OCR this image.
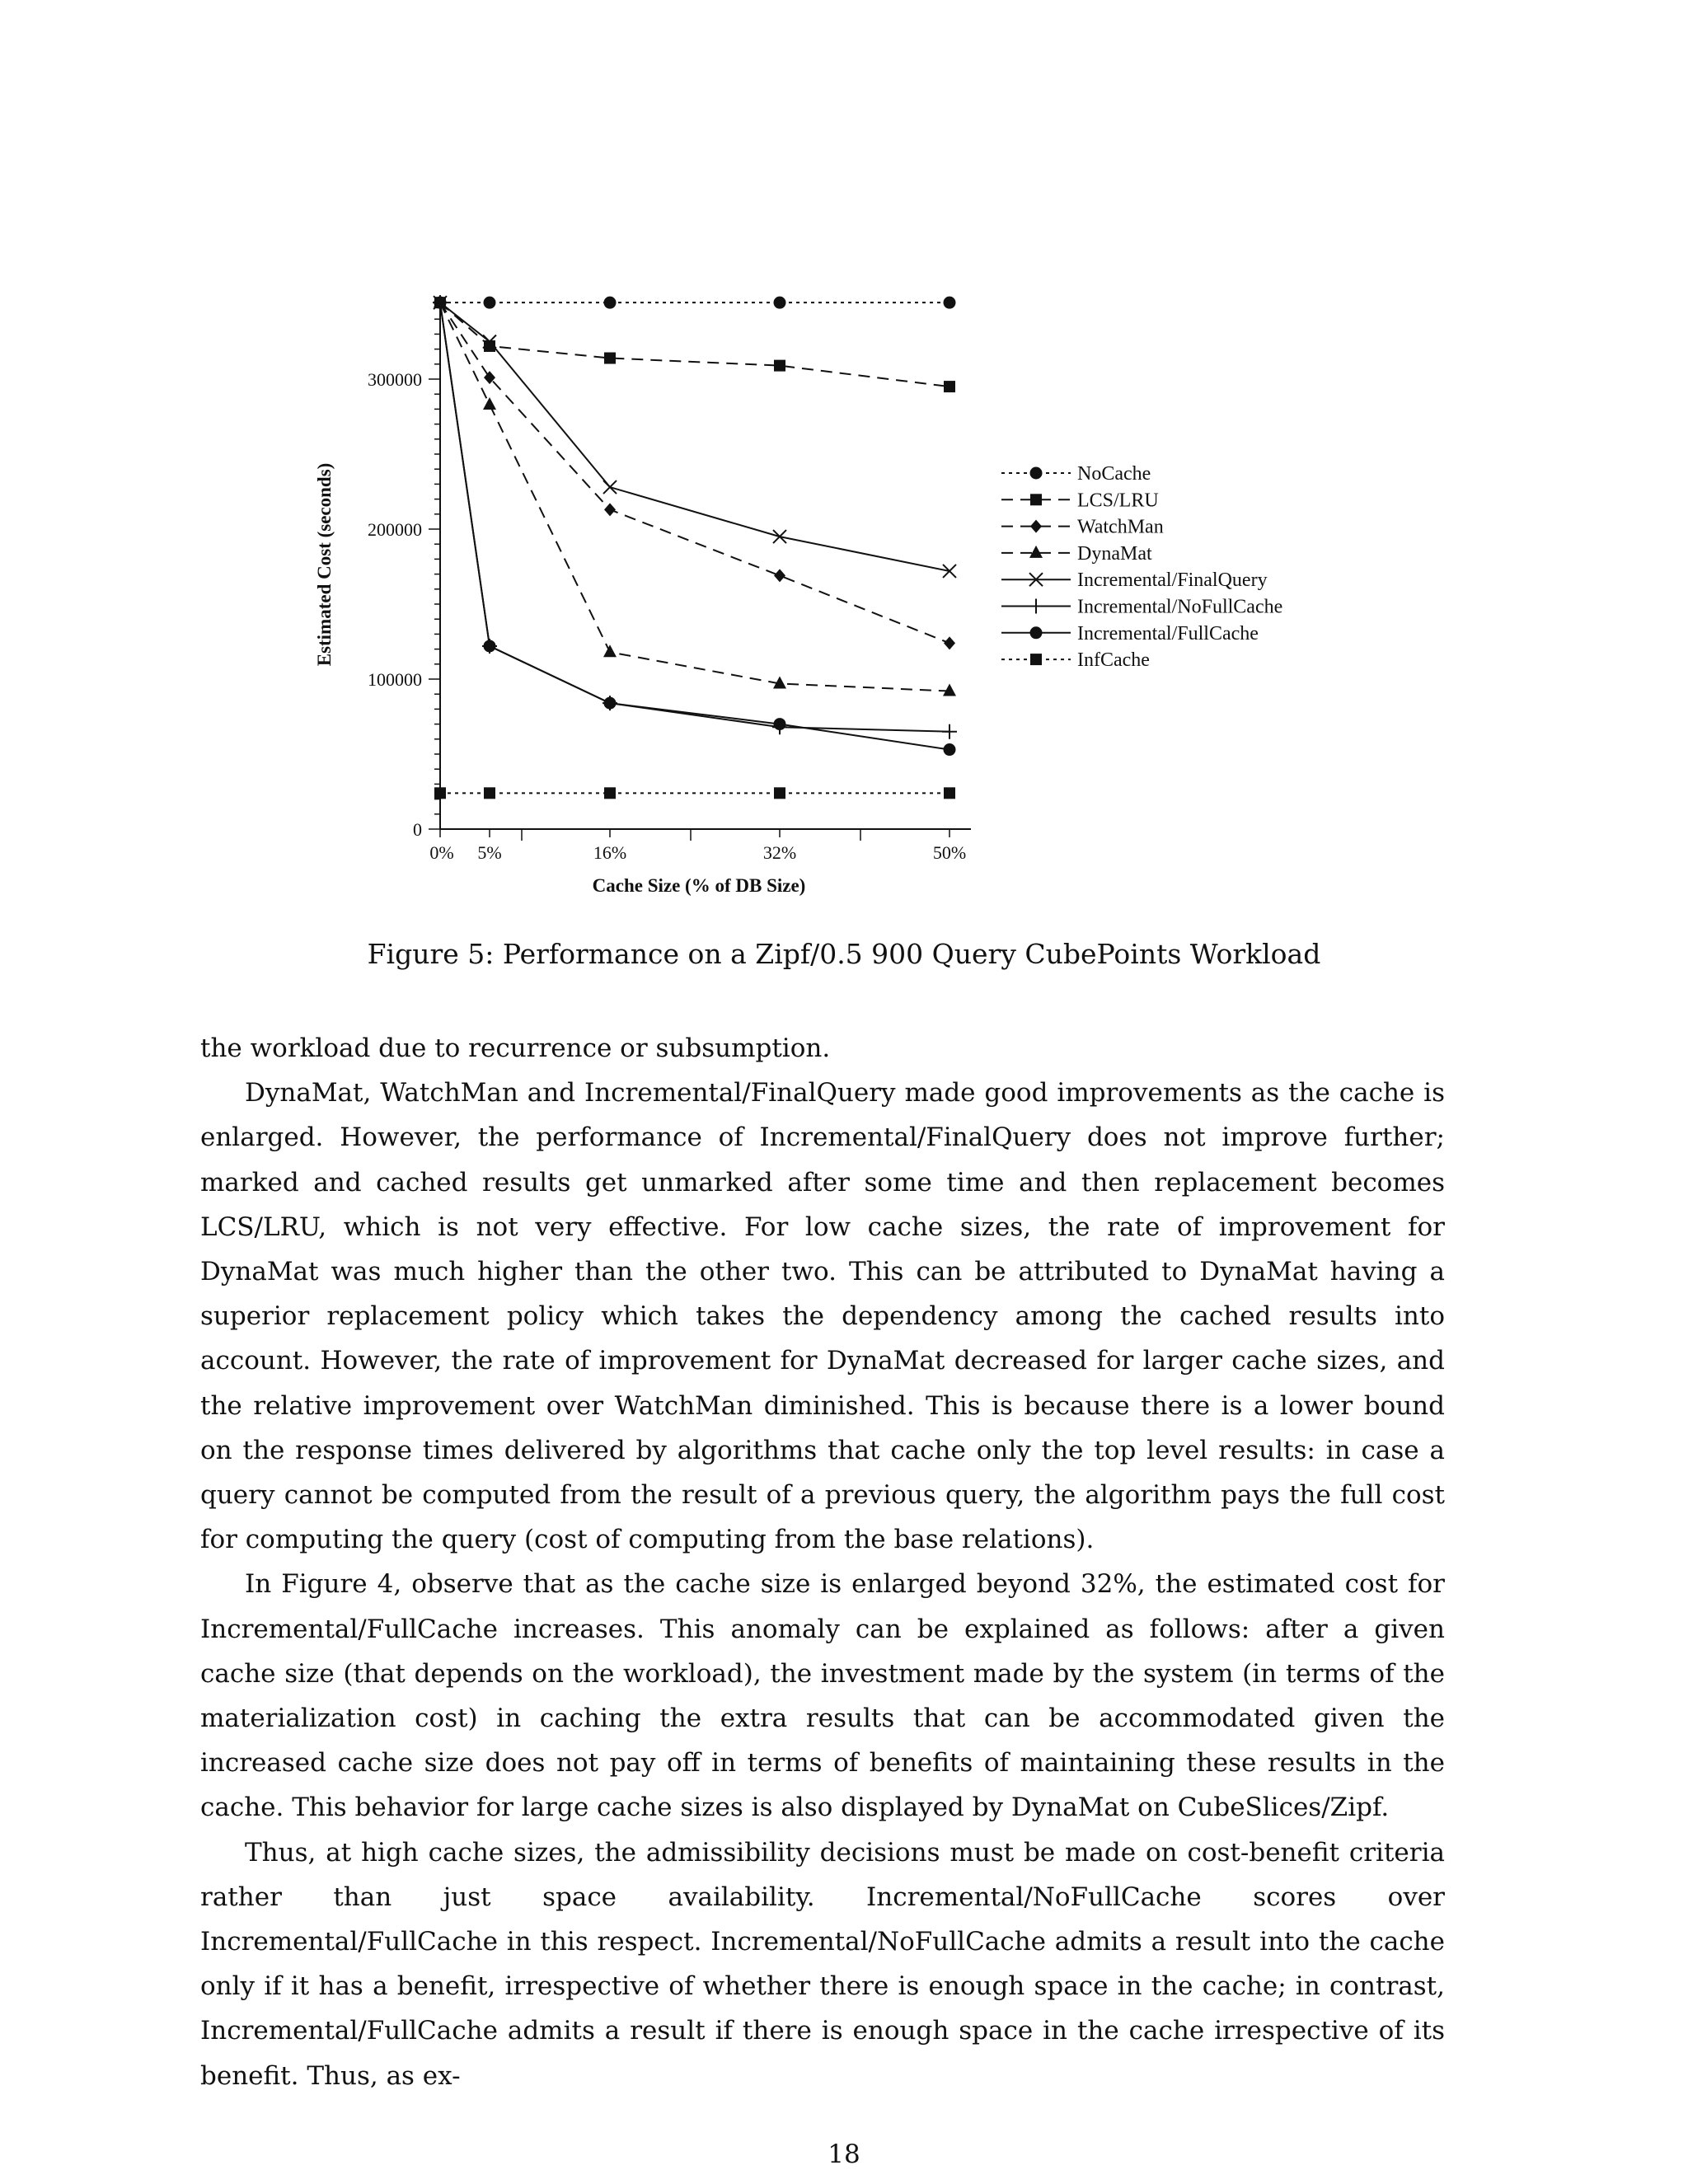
0
100000
200000
300000
0% 5%	16%	32%	50%
NoCache
LCS/LRU
WatchMan
DynaMat
Incremental/FinalQuery
Incremental/NoFullCache
Incremental/FullCache
InfCache
Estimated Cost (seconds)
Cache Size (% of DB Size)
Figure 5: Performance on a Zipf/0.5 900 Query CubePoints Workload

the workload due to recurrence or subsumption.

DynaMat, WatchMan and Incremental/FinalQuery made good improvements as the cache is enlarged. However, the performance of Incremental/FinalQuery does not improve further; marked and cached results get unmarked after some time and then replacement becomes LCS/LRU, which is not very effective. For low cache sizes, the rate of improvement for DynaMat was much higher than the other two. This can be attributed to DynaMat having a superior replacement policy which takes the dependency among the cached results into account. However, the rate of improvement for DynaMat decreased for larger cache sizes, and the relative improvement over WatchMan diminished. This is because there is a lower bound on the response times delivered by algorithms that cache only the top level results: in case a query cannot be computed from the result of a previous query, the algorithm pays the full cost for computing the query (cost of computing from the base relations).

In Figure 4, observe that as the cache size is enlarged beyond 32%, the estimated cost for Incremental/FullCache increases. This anomaly can be explained as follows: after a given cache size (that depends on the workload), the investment made by the system (in terms of the materialization cost) in caching the extra results that can be accommodated given the increased cache size does not pay off in terms of benefits of maintaining these results in the cache. This behavior for large cache sizes is also displayed by DynaMat on CubeSlices/Zipf.

Thus, at high cache sizes, the admissibility decisions must be made on cost-benefit criteria rather than just space availability. Incremental/NoFullCache scores over Incremental/FullCache in this respect. Incremental/NoFullCache admits a result into the cache only if it has a benefit, irrespective of whether there is enough space in the cache; in contrast, Incremental/FullCache admits a result if there is enough space in the cache irrespective of its benefit. Thus, as ex-

18
